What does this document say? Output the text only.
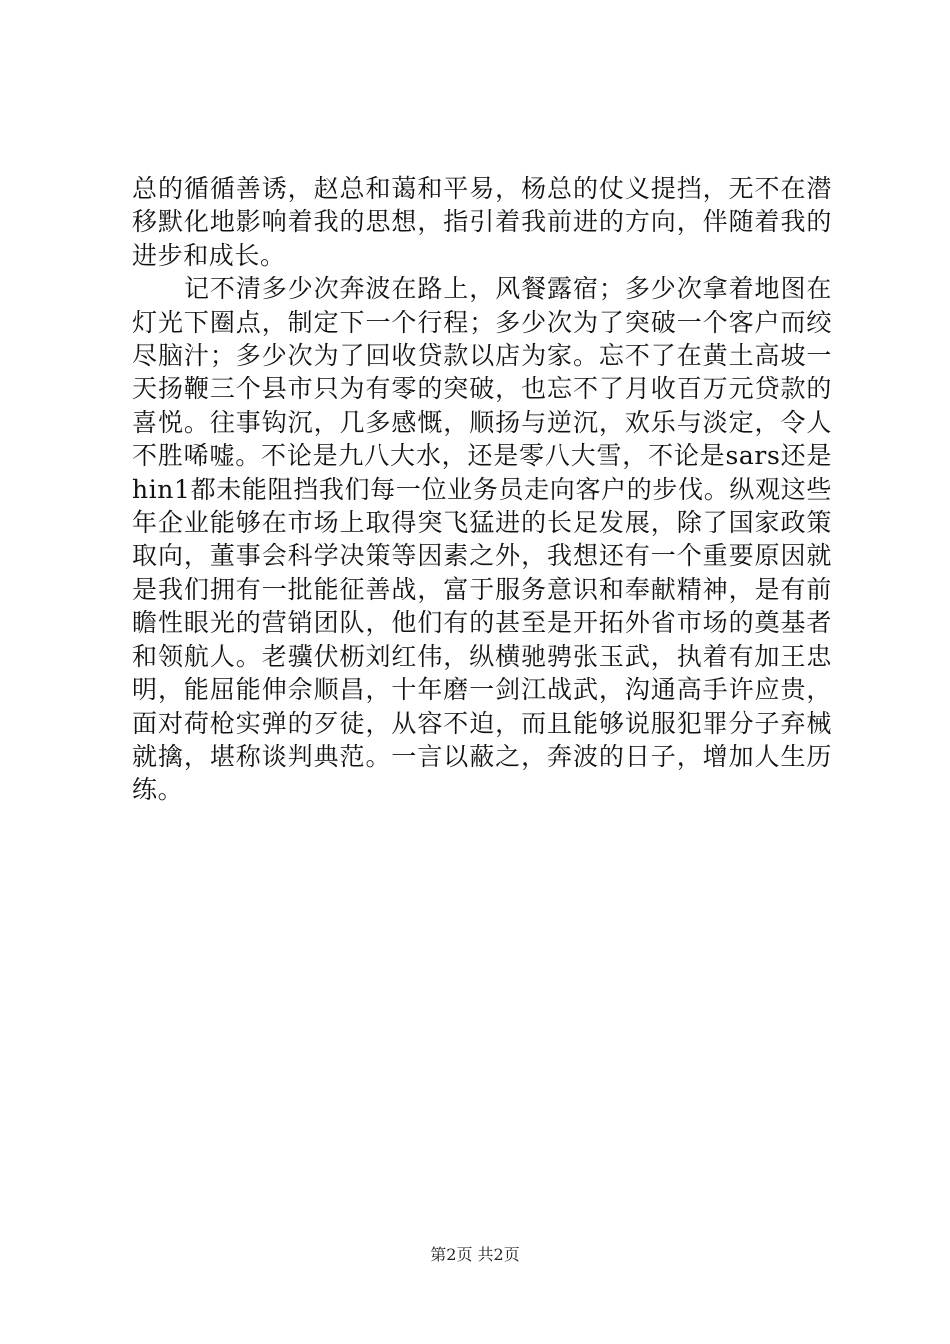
总的循循善诱，赵总和蔼和平易，杨总的仗义提挡，无不在潜移默化地影响着我的思想，指引着我前进的方向，伴随着我的进步和成长。

记不清多少次奔波在路上，风餐露宿；多少次拿着地图在灯光下圈点，制定下一个行程；多少次为了突破一个客户而绞尽脑汁；多少次为了回收贷款以店为家。忘不了在黄土高坡一天扬鞭三个县市只为有零的突破，也忘不了月收百万元贷款的喜悦。往事钩沉，几多感慨，顺扬与逆沉，欢乐与淡定，令人不胜唏嘘。不论是九八大水，还是零八大雪，不论是sars还是hin1都未能阻挡我们每一位业务员走向客户的步伐。纵观这些年企业能够在市场上取得突飞猛进的长足发展，除了国家政策取向，董事会科学决策等因素之外，我想还有一个重要原因就是我们拥有一批能征善战，富于服务意识和奉献精神，是有前瞻性眼光的营销团队，他们有的甚至是开拓外省市场的奠基者和领航人。老骥伏枥刘红伟，纵横驰骋张玉武，执着有加王忠明，能屈能伸佘顺昌，十年磨一剑江战武，沟通高手许应贵，面对荷枪实弹的歹徒，从容不迫，而且能够说服犯罪分子弃械就擒，堪称谈判典范。一言以蔽之，奔波的日子，增加人生历练。

第2页 共2页
